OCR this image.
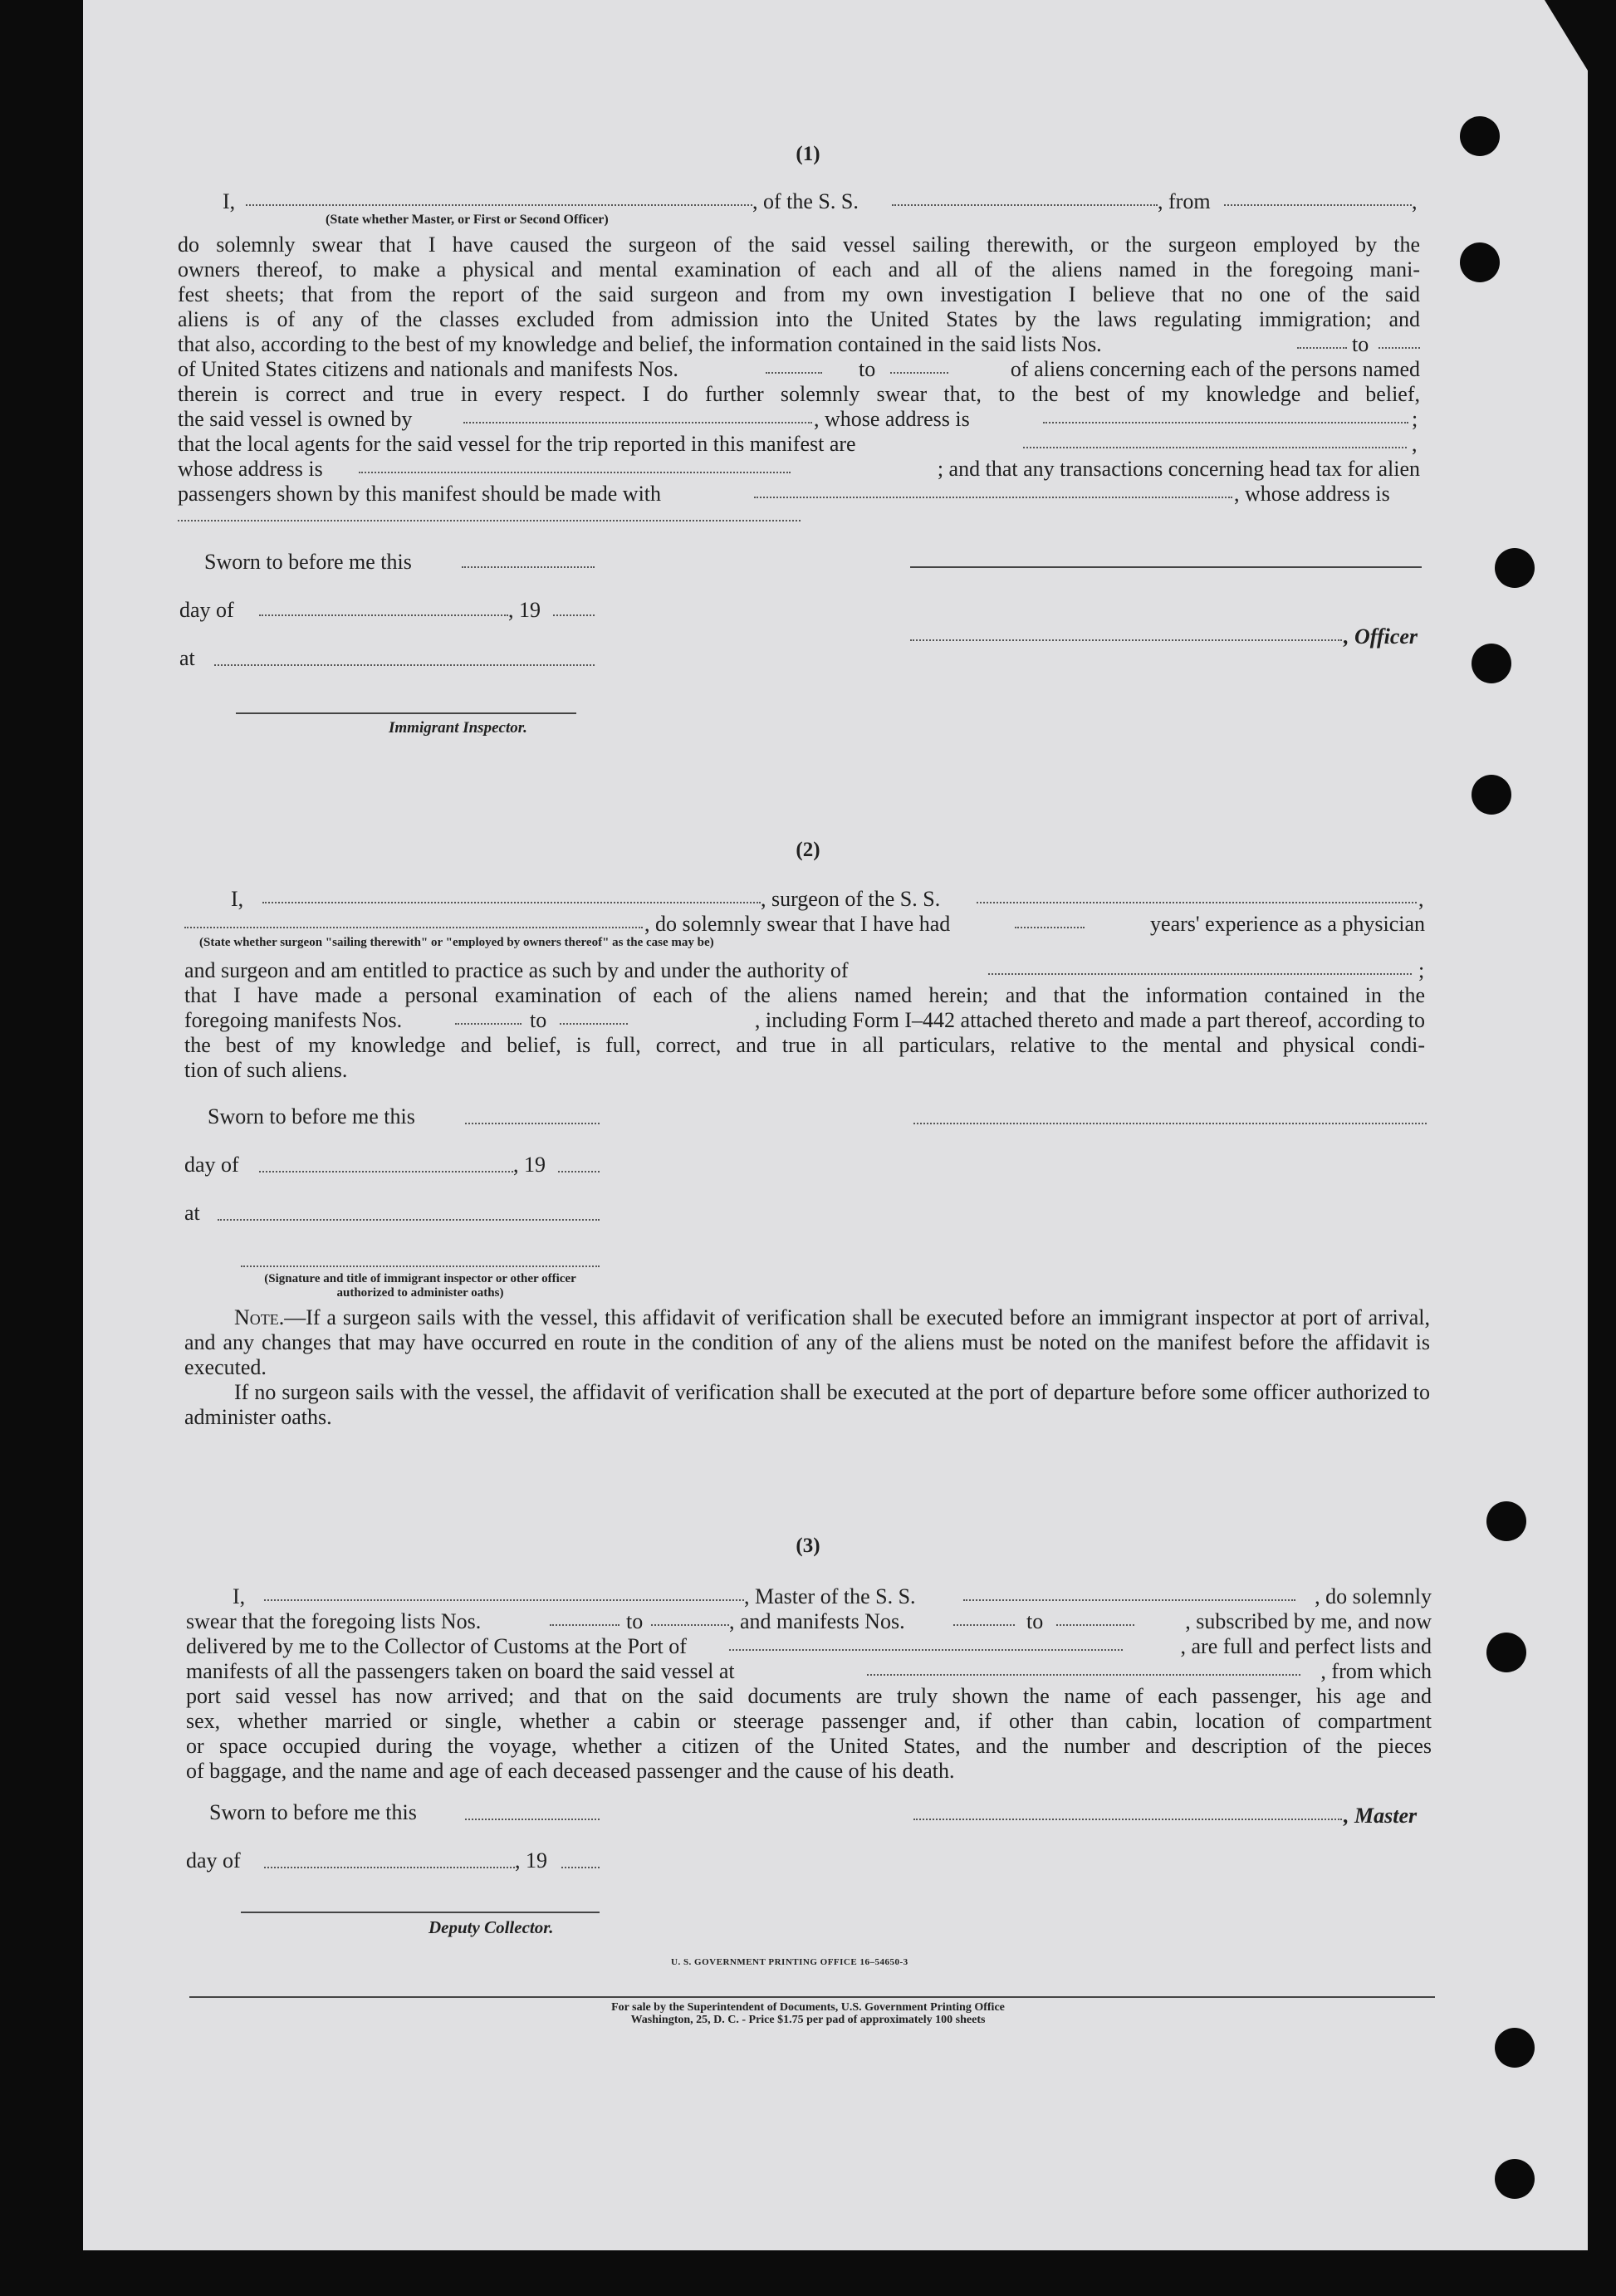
(1)
I,	, of the S. S.	, from	,
(State whether Master, or First or Second Officer)
do solemnly swear that I have caused the surgeon of the said vessel sailing therewith, or the surgeon employed by the
owners thereof, to make a physical and mental examination of each and all of the aliens named in the foregoing mani-
fest sheets; that from the report of the said surgeon and from my own investigation I believe that no one of the said
aliens is of any of the classes excluded from admission into the United States by the laws regulating immigration; and
that also, according to the best of my knowledge and belief, the information contained in the said lists Nos.	to
of United States citizens and nationals and manifests Nos.	to	of aliens concerning each of the persons named
therein is correct and true in every respect. I do further solemnly swear that, to the best of my knowledge and belief,
the said vessel is owned by	, whose address is	;
that the local agents for the said vessel for the trip reported in this manifest are	,
whose address is	; and that any transactions concerning head tax for alien
passengers shown by this manifest should be made with	, whose address is
Sworn to before me this
day of	, 19
, Officer
at
Immigrant Inspector.
(2)
I,	, surgeon of the S. S.	,
, do solemnly swear that I have had	years' experience as a physician
(State whether surgeon "sailing therewith" or "employed by owners thereof" as the case may be)
and surgeon and am entitled to practice as such by and under the authority of	;
that I have made a personal examination of each of the aliens named herein; and that the information contained in the
foregoing manifests Nos.	to	, including Form I–442 attached thereto and made a part thereof, according to
the best of my knowledge and belief, is full, correct, and true in all particulars, relative to the mental and physical condi-
tion of such aliens.
Sworn to before me this
day of	, 19
at
(Signature and title of immigrant inspector or other officer authorized to administer oaths)

Note.—If a surgeon sails with the vessel, this affidavit of verification shall be executed before an immigrant inspector at port of arrival, and any changes that may have occurred en route in the condition of any of the aliens must be noted on the manifest before the affidavit is executed.

If no surgeon sails with the vessel, the affidavit of verification shall be executed at the port of departure before some officer authorized to administer oaths.

(3)
I,	, Master of the S. S.	, do solemnly
swear that the foregoing lists Nos.	to	, and manifests Nos.	to	, subscribed by me, and now
delivered by me to the Collector of Customs at the Port of	, are full and perfect lists and
manifests of all the passengers taken on board the said vessel at	, from which
port said vessel has now arrived; and that on the said documents are truly shown the name of each passenger, his age and
sex, whether married or single, whether a cabin or steerage passenger and, if other than cabin, location of compartment
or space occupied during the voyage, whether a citizen of the United States, and the number and description of the pieces
of baggage, and the name and age of each deceased passenger and the cause of his death.
Sworn to before me this	, Master
day of	, 19
Deputy Collector.
U. S. GOVERNMENT PRINTING OFFICE 16–54650-3
For sale by the Superintendent of Documents, U.S. Government Printing Office
Washington, 25, D. C. - Price $1.75 per pad of approximately 100 sheets
